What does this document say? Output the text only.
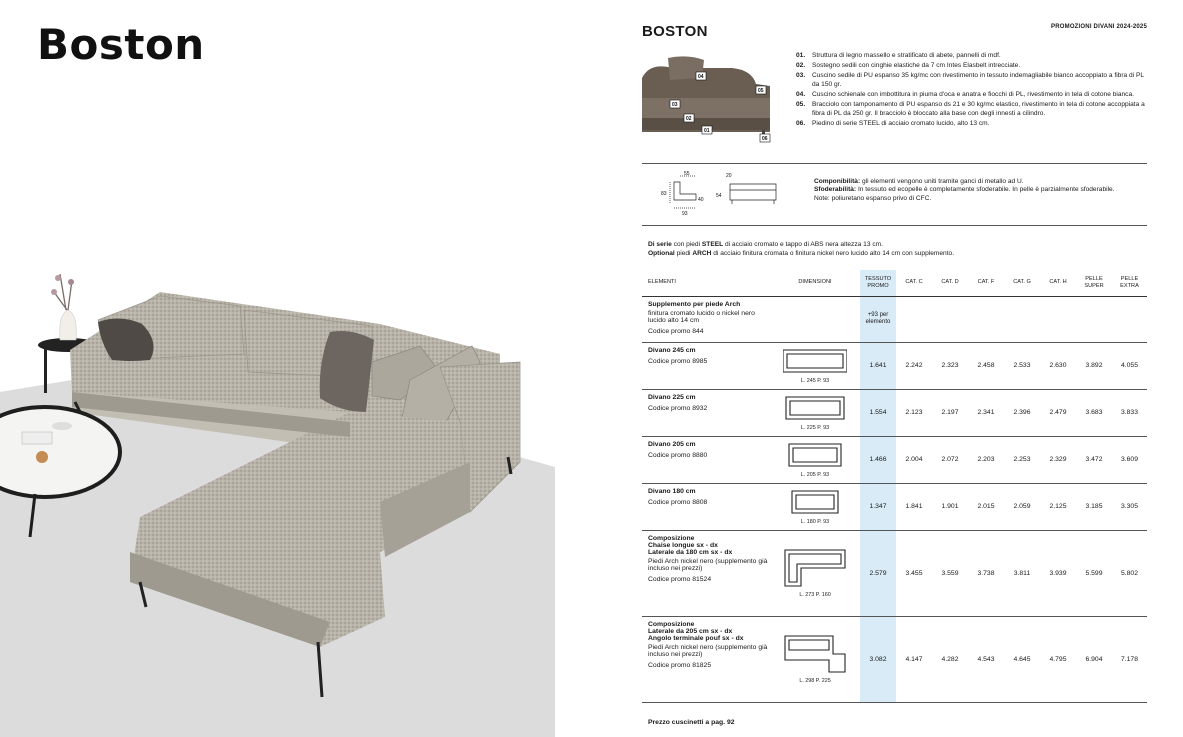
Boston	BOSTON	PROMOZIONI DIVANI 2024-2025
04
05
03
02
01
06
01.	Struttura di legno massello e stratificato di abete, pannelli di mdf.
02.	Sostegno sedili con cinghie elastiche da 7 cm Intes Elasbelt intrecciate.
03.	Cuscino sedile di PU espanso 35 kg/mc con rivestimento in tessuto indemagliabile bianco accoppiato a fibra di PL da 150 gr.
04.	Cuscino schienale con imbottitura in piuma d'oca e anatra e fiocchi di PL, rivestimento in tela di cotone bianca.
05.	Bracciolo con tamponamento di PU espanso ds 21 e 30 kg/mc elastico, rivestimento in tela di cotone accoppiata a fibra di PL da 250 gr. Il bracciolo è bloccato alla base con degli innesti a cilindro.
06.	Piedino di serie STEEL di acciaio cromato lucido, alto 13 cm.
55	20
83
40
54
93
Componibilità: gli elementi vengono uniti tramite ganci di metallo ad U.
Sfoderabilità: In tessuto ed ecopelle è completamente sfoderabile. In pelle è parzialmente sfoderabile.
Note: poliuretano espanso privo di CFC.
Di serie con piedi STEEL di acciaio cromato e tappo di ABS nera altezza 13 cm.
Optional piedi ARCH di acciaio finitura cromata o finitura nickel nero lucido alto 14 cm con supplemento.
ELEMENTI	DIMENSIONI	TESSUTO PROMO	CAT. C	CAT. D	CAT. F	CAT. G	CAT. H	PELLE SUPER	PELLE EXTRA

Supplemento per piede Arch
finitura cromato lucido o nickel nero lucido alto 14 cm
Codice promo 844		+93 per elemento							

Divano 245 cm
Codice promo 8985	L. 245 P. 93	1.641	2.242	2.323	2.458	2.533	2.630	3.892	4.055

Divano 225 cm
Codice promo 8932	L. 225 P. 93	1.554	2.123	2.197	2.341	2.396	2.479	3.683	3.833

Divano 205 cm
Codice promo 8880	L. 205 P. 93	1.466	2.004	2.072	2.203	2.253	2.329	3.472	3.609

Divano 180 cm
Codice promo 8808	L. 180 P. 93	1.347	1.841	1.901	2.015	2.059	2.125	3.185	3.305

Composizione
Chaise longue sx - dx
Laterale da 180 cm sx - dx
Piedi Arch nickel nero (supplemento già incluso nei prezzi)
Codice promo 81524	L. 273 P. 160	2.579	3.455	3.559	3.738	3.811	3.939	5.599	5.802

Composizione
Laterale da 205 cm sx - dx
Angolo terminale pouf sx - dx
Piedi Arch nickel nero (supplemento già incluso nei prezzi)
Codice promo 81825	L. 298 P. 225	3.082	4.147	4.282	4.543	4.645	4.795	6.904	7.178
Prezzo cuscinetti a pag. 92
